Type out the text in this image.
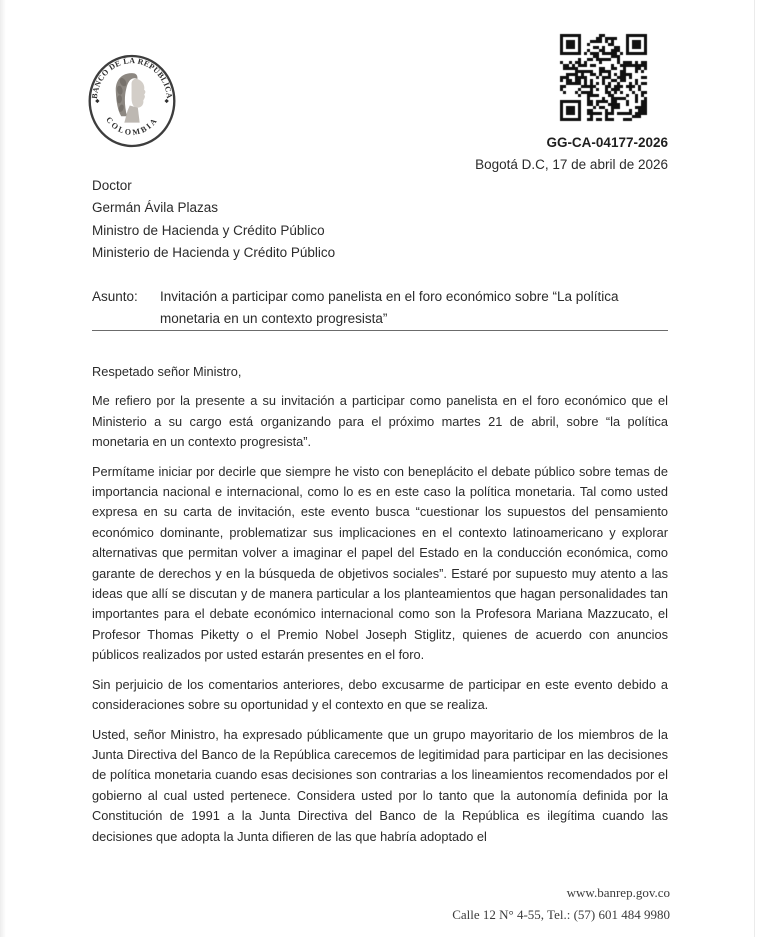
BANCO DE LA REPÚBLICA
COLOMBIA
GG-CA-04177-2026
Bogotá D.C, 17 de abril de 2026
Doctor
Germán Ávila Plazas
Ministro de Hacienda y Crédito Público
Ministerio de Hacienda y Crédito Público
Asunto:	Invitación a participar como panelista en el foro económico sobre “La política monetaria en un contexto progresista”

Respetado señor Ministro,

Me refiero por la presente a su invitación a participar como panelista en el foro económico que el Ministerio a su cargo está organizando para el próximo martes 21 de abril, sobre “la política monetaria en un contexto progresista”.

Permítame iniciar por decirle que siempre he visto con beneplácito el debate público sobre temas de importancia nacional e internacional, como lo es en este caso la política monetaria. Tal como usted expresa en su carta de invitación, este evento busca “cuestionar los supuestos del pensamiento económico dominante, problematizar sus implicaciones en el contexto latinoamericano y explorar alternativas que permitan volver a imaginar el papel del Estado en la conducción económica, como garante de derechos y en la búsqueda de objetivos sociales”. Estaré por supuesto muy atento a las ideas que allí se discutan y de manera particular a los planteamientos que hagan personalidades tan importantes para el debate económico internacional como son la Profesora Mariana Mazzucato, el Profesor Thomas Piketty o el Premio Nobel Joseph Stiglitz, quienes de acuerdo con anuncios públicos realizados por usted estarán presentes en el foro.

Sin perjuicio de los comentarios anteriores, debo excusarme de participar en este evento debido a consideraciones sobre su oportunidad y el contexto en que se realiza.

Usted, señor Ministro, ha expresado públicamente que un grupo mayoritario de los miembros de la Junta Directiva del Banco de la República carecemos de legitimidad para participar en las decisiones de política monetaria cuando esas decisiones son contrarias a los lineamientos recomendados por el gobierno al cual usted pertenece. Considera usted por lo tanto que la autonomía definida por la Constitución de 1991 a la Junta Directiva del Banco de la República es ilegítima cuando las decisiones que adopta la Junta difieren de las que habría adoptado el

www.banrep.gov.co
Calle 12 N° 4-55, Tel.: (57) 601 484 9980
